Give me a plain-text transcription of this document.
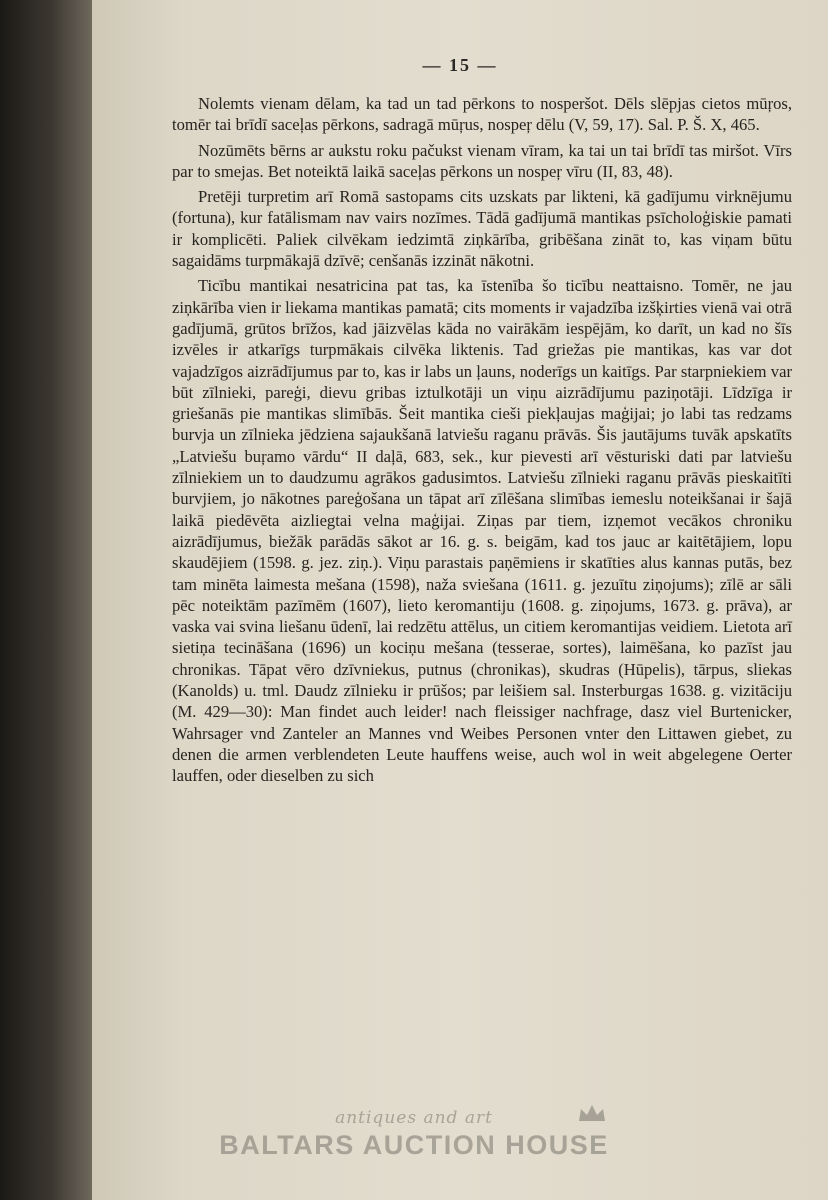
— 15 —

Nolemts vienam dēlam, ka tad un tad pērkons to nosperšot. Dēls slēpjas cietos mūŗos, tomēr tai brīdī saceļas pērkons, sadragā mūŗus, nospeŗ dēlu (V, 59, 17). Sal. P. Š. X, 465.

Nozūmēts bērns ar aukstu roku pačukst vienam vīram, ka tai un tai brīdī tas miršot. Vīrs par to smejas. Bet noteiktā laikā saceļas pērkons un nospeŗ vīru (II, 83, 48).

Pretēji turpretim arī Romā sastopams cits uzskats par likteni, kā gadījumu virknējumu (fortuna), kur fatālismam nav vairs nozīmes. Tādā gadījumā mantikas psīcholoģiskie pamati ir komplicēti. Paliek cilvēkam iedzimtā ziņkārība, gribēšana zināt to, kas viņam būtu sagaidāms turpmākajā dzīvē; cenšanās izzināt nākotni.

Ticību mantikai nesatricina pat tas, ka īstenība šo ticību neattaisno. Tomēr, ne jau ziņkārība vien ir liekama mantikas pamatā; cits moments ir vajadzība izšķirties vienā vai otrā gadījumā, grūtos brīžos, kad jāizvēlas kāda no vairākām iespējām, ko darīt, un kad no šīs izvēles ir atkarīgs turpmākais cilvēka liktenis. Tad griežas pie mantikas, kas var dot vajadzīgos aizrādījumus par to, kas ir labs un ļauns, noderīgs un kaitīgs. Par starpniekiem var būt zīlnieki, pareģi, dievu gribas iztulkotāji un viņu aizrādījumu paziņotāji. Līdzīga ir griešanās pie mantikas slimībās. Šeit mantika cieši piekļaujas maģijai; jo labi tas redzams burvja un zīlnieka jēdziena sajaukšanā latviešu raganu prāvās. Šis jautājums tuvāk apskatīts „Latviešu buŗamo vārdu“ II daļā, 683, sek., kur pievesti arī vēsturiski dati par latviešu zīlniekiem un to daudzumu agrākos gadusimtos. Latviešu zīlnieki raganu prāvās pieskaitīti burvjiem, jo nākotnes pareģošana un tāpat arī zīlēšana slimības iemeslu noteikšanai ir šajā laikā piedēvēta aizliegtai velna maģijai. Ziņas par tiem, izņemot vecākos chroniku aizrādījumus, biežāk parādās sākot ar 16. g. s. beigām, kad tos jauc ar kaitētājiem, lopu skaudējiem (1598. g. jez. ziņ.). Viņu parastais paņēmiens ir skatīties alus kannas putās, bez tam minēta laimesta mešana (1598), naža sviešana (1611. g. jezuītu ziņojums); zīlē ar sāli pēc noteiktām pazīmēm (1607), lieto keromantiju (1608. g. ziņojums, 1673. g. prāva), ar vaska vai svina liešanu ūdenī, lai redzētu attēlus, un citiem keromantijas veidiem. Lietota arī sietiņa tecināšana (1696) un kociņu mešana (tesserae, sortes), laimēšana, ko pazīst jau chronikas. Tāpat vēro dzīvniekus, putnus (chronikas), skudras (Hūpelis), tārpus, sliekas (Kanolds) u. tml. Daudz zīlnieku ir prūšos; par leišiem sal. Insterburgas 1638. g. vizitāciju (M. 429—30): Man findet auch leider! nach fleissiger nachfrage, dasz viel Burtenicker, Wahrsager vnd Zanteler an Mannes vnd Weibes Personen vnter den Littawen giebet, zu denen die armen verblendeten Leute hauffens weise, auch wol in weit abgelegene Oerter lauffen, oder dieselben zu sich

antiques and art
BALTARS AUCTION HOUSE
